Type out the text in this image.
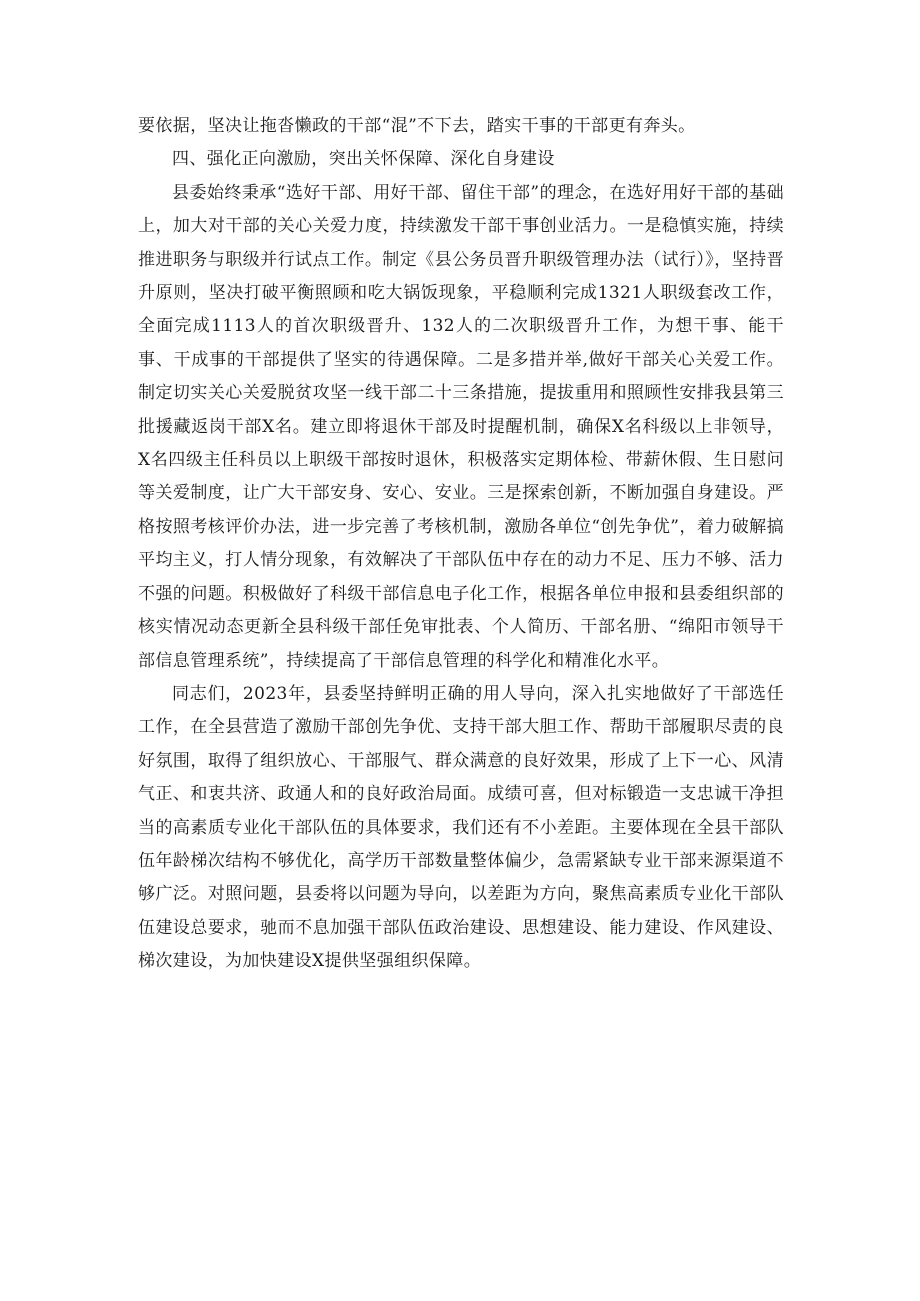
要依据，坚决让拖沓懒政的干部“混”不下去，踏实干事的干部更有奔头。

四、强化正向激励，突出关怀保障、深化自身建设

县委始终秉承“选好干部、用好干部、留住干部”的理念，在选好用好干部的基础上，加大对干部的关心关爱力度，持续激发干部干事创业活力。一是稳慎实施，持续推进职务与职级并行试点工作。制定《县公务员晋升职级管理办法（试行）》，坚持晋升原则，坚决打破平衡照顾和吃大锅饭现象，平稳顺利完成1321人职级套改工作，全面完成1113人的首次职级晋升、132人的二次职级晋升工作，为想干事、能干事、干成事的干部提供了坚实的待遇保障。二是多措并举,做好干部关心关爱工作。制定切实关心关爱脱贫攻坚一线干部二十三条措施，提拔重用和照顾性安排我县第三批援藏返岗干部X名。建立即将退休干部及时提醒机制，确保X名科级以上非领导，X名四级主任科员以上职级干部按时退休，积极落实定期体检、带薪休假、生日慰问等关爱制度，让广大干部安身、安心、安业。三是探索创新，不断加强自身建设。严格按照考核评价办法，进一步完善了考核机制，激励各单位“创先争优”，着力破解搞平均主义，打人情分现象，有效解决了干部队伍中存在的动力不足、压力不够、活力不强的问题。积极做好了科级干部信息电子化工作，根据各单位申报和县委组织部的核实情况动态更新全县科级干部任免审批表、个人简历、干部名册、“绵阳市领导干部信息管理系统”，持续提高了干部信息管理的科学化和精准化水平。

同志们，2023年，县委坚持鲜明正确的用人导向，深入扎实地做好了干部选任工作，在全县营造了激励干部创先争优、支持干部大胆工作、帮助干部履职尽责的良好氛围，取得了组织放心、干部服气、群众满意的良好效果，形成了上下一心、风清气正、和衷共济、政通人和的良好政治局面。成绩可喜，但对标锻造一支忠诚干净担当的高素质专业化干部队伍的具体要求，我们还有不小差距。主要体现在全县干部队伍年龄梯次结构不够优化，高学历干部数量整体偏少，急需紧缺专业干部来源渠道不够广泛。对照问题，县委将以问题为导向，以差距为方向，聚焦高素质专业化干部队伍建设总要求，驰而不息加强干部队伍政治建设、思想建设、能力建设、作风建设、梯次建设，为加快建设X提供坚强组织保障。
